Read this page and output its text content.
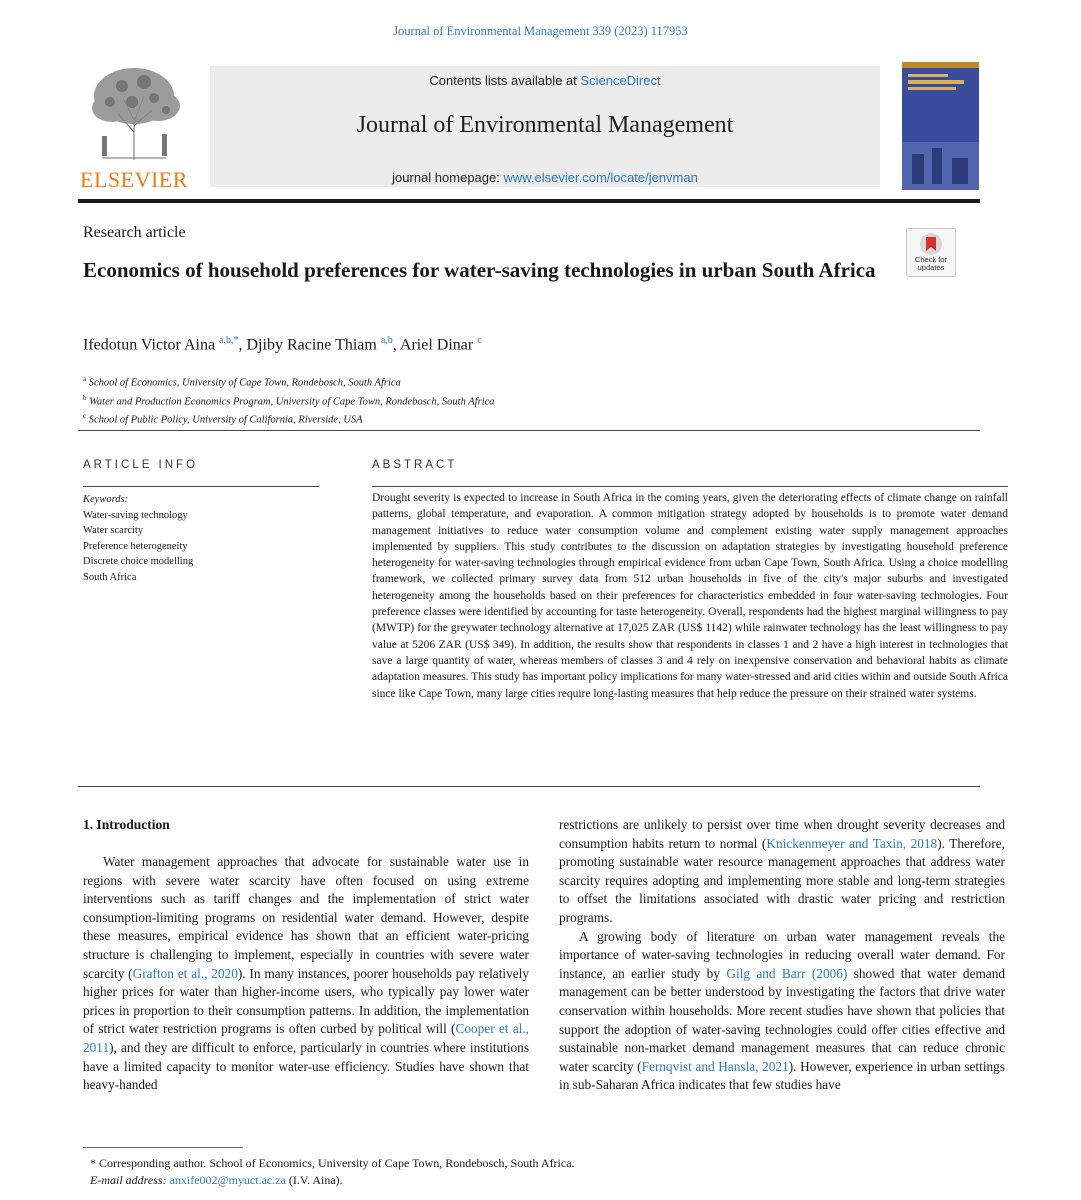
Journal of Environmental Management 339 (2023) 117953
ELSEVIER
Contents lists available at ScienceDirect
Journal of Environmental Management
journal homepage: www.elsevier.com/locate/jenvman
Research article
Economics of household preferences for water-saving technologies in urban South Africa	Check for updates
Ifedotun Victor Aina $^{a,b,*}$, Djiby Racine Thiam $^{a,b}$, Ariel Dinar $^c$
$^a$ School of Economics, University of Cape Town, Rondebosch, South Africa
$^b$ Water and Production Economics Program, University of Cape Town, Rondebosch, South Africa
$^c$ School of Public Policy, University of California, Riverside, USA
ARTICLE INFO	ABSTRACT
Keywords:
Water-saving technology
Water scarcity
Preference heterogeneity
Discrete choice modelling
South Africa

Drought severity is expected to increase in South Africa in the coming years, given the deteriorating effects of climate change on rainfall patterns, global temperature, and evaporation. A common mitigation strategy adopted by households is to promote water demand management initiatives to reduce water consumption volume and complement existing water supply management approaches implemented by suppliers. This study contributes to the discussion on adaptation strategies by investigating household preference heterogeneity for water-saving technologies through empirical evidence from urban Cape Town, South Africa. Using a choice modelling framework, we collected primary survey data from 512 urban households in five of the city's major suburbs and investigated heterogeneity among the households based on their preferences for characteristics embedded in four water-saving technologies. Four preference classes were identified by accounting for taste heterogeneity. Overall, respondents had the highest marginal willingness to pay (MWTP) for the greywater technology alternative at 17,025 ZAR (US$ 1142) while rainwater technology has the least willingness to pay value at 5206 ZAR (US$ 349). In addition, the results show that respondents in classes 1 and 2 have a high interest in technologies that save a large quantity of water, whereas members of classes 3 and 4 rely on inexpensive conservation and behavioral habits as climate adaptation measures. This study has important policy implications for many water-stressed and arid cities within and outside South Africa since like Cape Town, many large cities require long-lasting measures that help reduce the pressure on their strained water systems.

1. Introduction

Water management approaches that advocate for sustainable water use in regions with severe water scarcity have often focused on using extreme interventions such as tariff changes and the implementation of strict water consumption-limiting programs on residential water demand. However, despite these measures, empirical evidence has shown that an efficient water-pricing structure is challenging to implement, especially in countries with severe water scarcity (Grafton et al., 2020). In many instances, poorer households pay relatively higher prices for water than higher-income users, who typically pay lower water prices in proportion to their consumption patterns. In addition, the implementation of strict water restriction programs is often curbed by political will (Cooper et al., 2011), and they are difficult to enforce, particularly in countries where institutions have a limited capacity to monitor water-use efficiency. Studies have shown that heavy-handed

restrictions are unlikely to persist over time when drought severity decreases and consumption habits return to normal (Knickenmeyer and Taxin, 2018). Therefore, promoting sustainable water resource management approaches that address water scarcity requires adopting and implementing more stable and long-term strategies to offset the limitations associated with drastic water pricing and restriction programs.
A growing body of literature on urban water management reveals the importance of water-saving technologies in reducing overall water demand. For instance, an earlier study by Gilg and Barr (2006) showed that water demand management can be better understood by investigating the factors that drive water conservation within households. More recent studies have shown that policies that support the adoption of water-saving technologies could offer cities effective and sustainable non-market demand management measures that can reduce chronic water scarcity (Fernqvist and Hansla, 2021). However, experience in urban settings in sub-Saharan Africa indicates that few studies have

* Corresponding author. School of Economics, University of Cape Town, Rondebosch, South Africa.
E-mail address: anxife002@myuct.ac.za (I.V. Aina).
